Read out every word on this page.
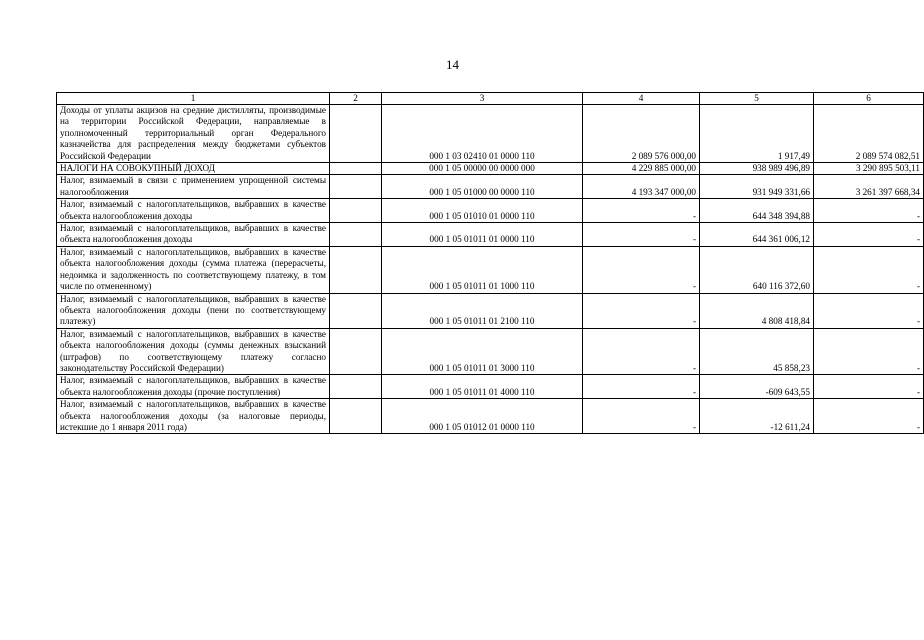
14
1	2	3	4	5	6
Доходы от уплаты акцизов на средние дистилляты, производимые на территории Российской Федерации, направляемые в уполномоченный территориальный орган Федерального казначейства для распределения между бюджетами субъектов Российской Федерации		000 1 03 02410 01 0000 110	2 089 576 000,00	1 917,49	2 089 574 082,51
НАЛОГИ НА СОВОКУПНЫЙ ДОХОД		000 1 05 00000 00 0000 000	4 229 885 000,00	938 989 496,89	3 290 895 503,11
Налог, взимаемый в связи с применением упрощенной системы налогообложения		000 1 05 01000 00 0000 110	4 193 347 000,00	931 949 331,66	3 261 397 668,34
Налог, взимаемый с налогоплательщиков, выбравших в качестве объекта налогообложения доходы		000 1 05 01010 01 0000 110	-	644 348 394,88	-
Налог, взимаемый с налогоплательщиков, выбравших в качестве объекта налогообложения доходы		000 1 05 01011 01 0000 110	-	644 361 006,12	-
Налог, взимаемый с налогоплательщиков, выбравших в качестве объекта налогообложения доходы (сумма платежа (перерасчеты, недоимка и задолженность по соответствующему платежу, в том числе по отмененному)		000 1 05 01011 01 1000 110	-	640 116 372,60	-
Налог, взимаемый с налогоплательщиков, выбравших в качестве объекта налогообложения доходы (пени по соответствующему платежу)		000 1 05 01011 01 2100 110	-	4 808 418,84	-
Налог, взимаемый с налогоплательщиков, выбравших в качестве объекта налогообложения доходы (суммы денежных взысканий (штрафов) по соответствующему платежу согласно законодательству Российской Федерации)		000 1 05 01011 01 3000 110	-	45 858,23	-
Налог, взимаемый с налогоплательщиков, выбравших в качестве объекта налогообложения доходы (прочие поступления)		000 1 05 01011 01 4000 110	-	-609 643,55	-
Налог, взимаемый с налогоплательщиков, выбравших в качестве объекта налогообложения доходы (за налоговые периоды, истекшие до 1 января 2011 года)		000 1 05 01012 01 0000 110	-	-12 611,24	-
